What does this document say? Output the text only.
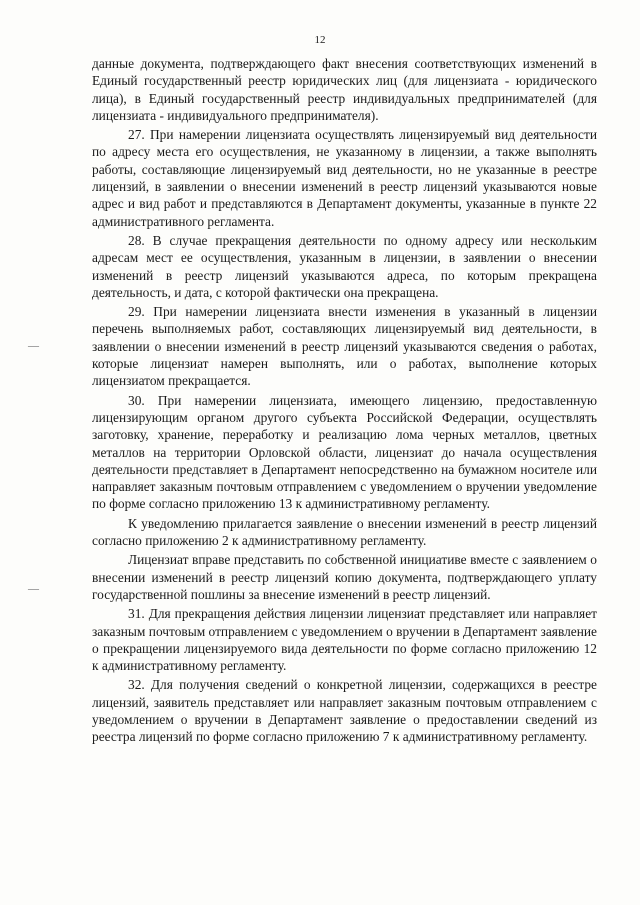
12
—
—

данные документа, подтверждающего факт внесения соответствующих изменений в Единый государственный реестр юридических лиц (для лицензиата - юридического лица), в Единый государственный реестр индивидуальных предпринимателей (для лицензиата - индивидуального предпринимателя).

27. При намерении лицензиата осуществлять лицензируемый вид деятельности по адресу места его осуществления, не указанному в лицензии, а также выполнять работы, составляющие лицензируемый вид деятельности, но не указанные в реестре лицензий, в заявлении о внесении изменений в реестр лицензий указываются новые адрес и вид работ и представляются в Департамент документы, указанные в пункте 22 административного регламента.

28. В случае прекращения деятельности по одному адресу или нескольким адресам мест ее осуществления, указанным в лицензии, в заявлении о внесении изменений в реестр лицензий указываются адреса, по которым прекращена деятельность, и дата, с которой фактически она прекращена.

29. При намерении лицензиата внести изменения в указанный в лицензии перечень выполняемых работ, составляющих лицензируемый вид деятельности, в заявлении о внесении изменений в реестр лицензий указываются сведения о работах, которые лицензиат намерен выполнять, или о работах, выполнение которых лицензиатом прекращается.

30. При намерении лицензиата, имеющего лицензию, предоставленную лицензирующим органом другого субъекта Российской Федерации, осуществлять заготовку, хранение, переработку и реализацию лома черных металлов, цветных металлов на территории Орловской области, лицензиат до начала осуществления деятельности представляет в Департамент непосредственно на бумажном носителе или направляет заказным почтовым отправлением с уведомлением о вручении уведомление по форме согласно приложению 13 к административному регламенту.

К уведомлению прилагается заявление о внесении изменений в реестр лицензий согласно приложению 2 к административному регламенту.

Лицензиат вправе представить по собственной инициативе вместе с заявлением о внесении изменений в реестр лицензий копию документа, подтверждающего уплату государственной пошлины за внесение изменений в реестр лицензий.

31. Для прекращения действия лицензии лицензиат представляет или направляет заказным почтовым отправлением с уведомлением о вручении в Департамент заявление о прекращении лицензируемого вида деятельности по форме согласно приложению 12 к административному регламенту.

32. Для получения сведений о конкретной лицензии, содержащихся в реестре лицензий, заявитель представляет или направляет заказным почтовым отправлением с уведомлением о вручении в Департамент заявление о предоставлении сведений из реестра лицензий по форме согласно приложению 7 к административному регламенту.
